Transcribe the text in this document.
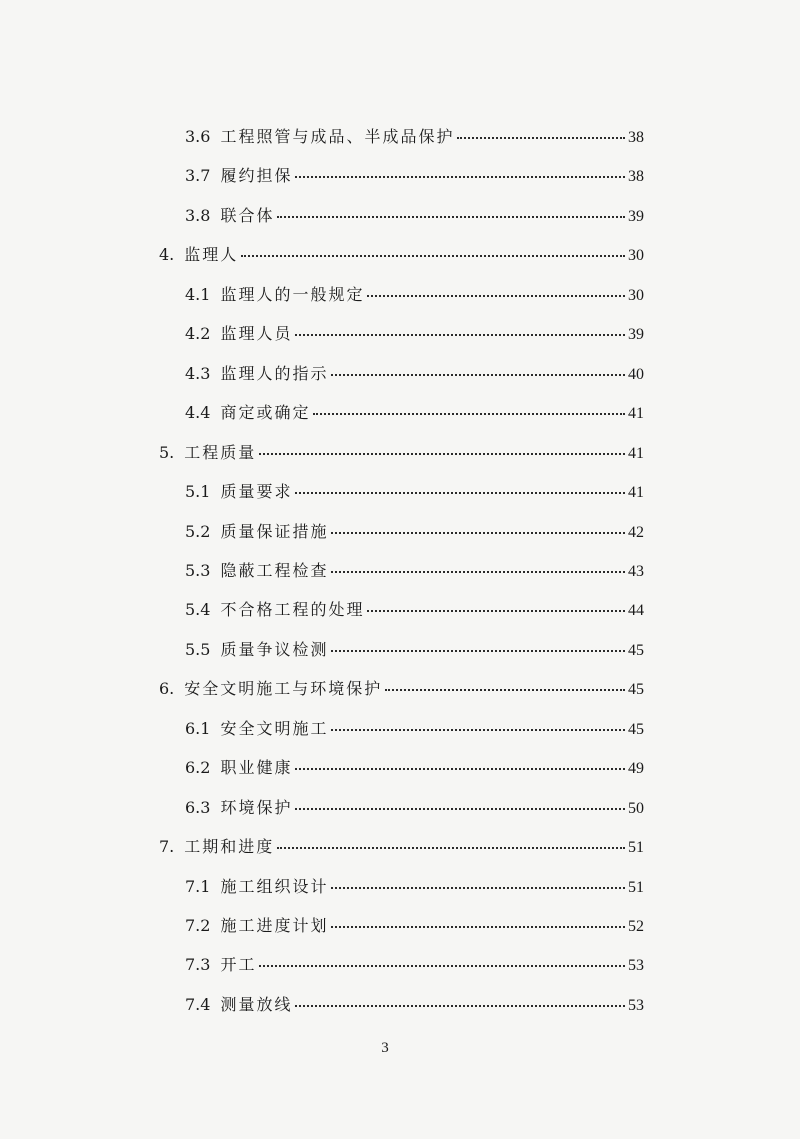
3.6 工程照管与成品、半成品保护	38
3.7 履约担保	38
3.8 联合体	39
4. 监理人	30
4.1 监理人的一般规定	30
4.2 监理人员	39
4.3 监理人的指示	40
4.4 商定或确定	41
5. 工程质量	41
5.1 质量要求	41
5.2 质量保证措施	42
5.3 隐蔽工程检查	43
5.4 不合格工程的处理	44
5.5 质量争议检测	45
6. 安全文明施工与环境保护	45
6.1 安全文明施工	45
6.2 职业健康	49
6.3 环境保护	50
7. 工期和进度	51
7.1 施工组织设计	51
7.2 施工进度计划	52
7.3 开工	53
7.4 测量放线	53
3
